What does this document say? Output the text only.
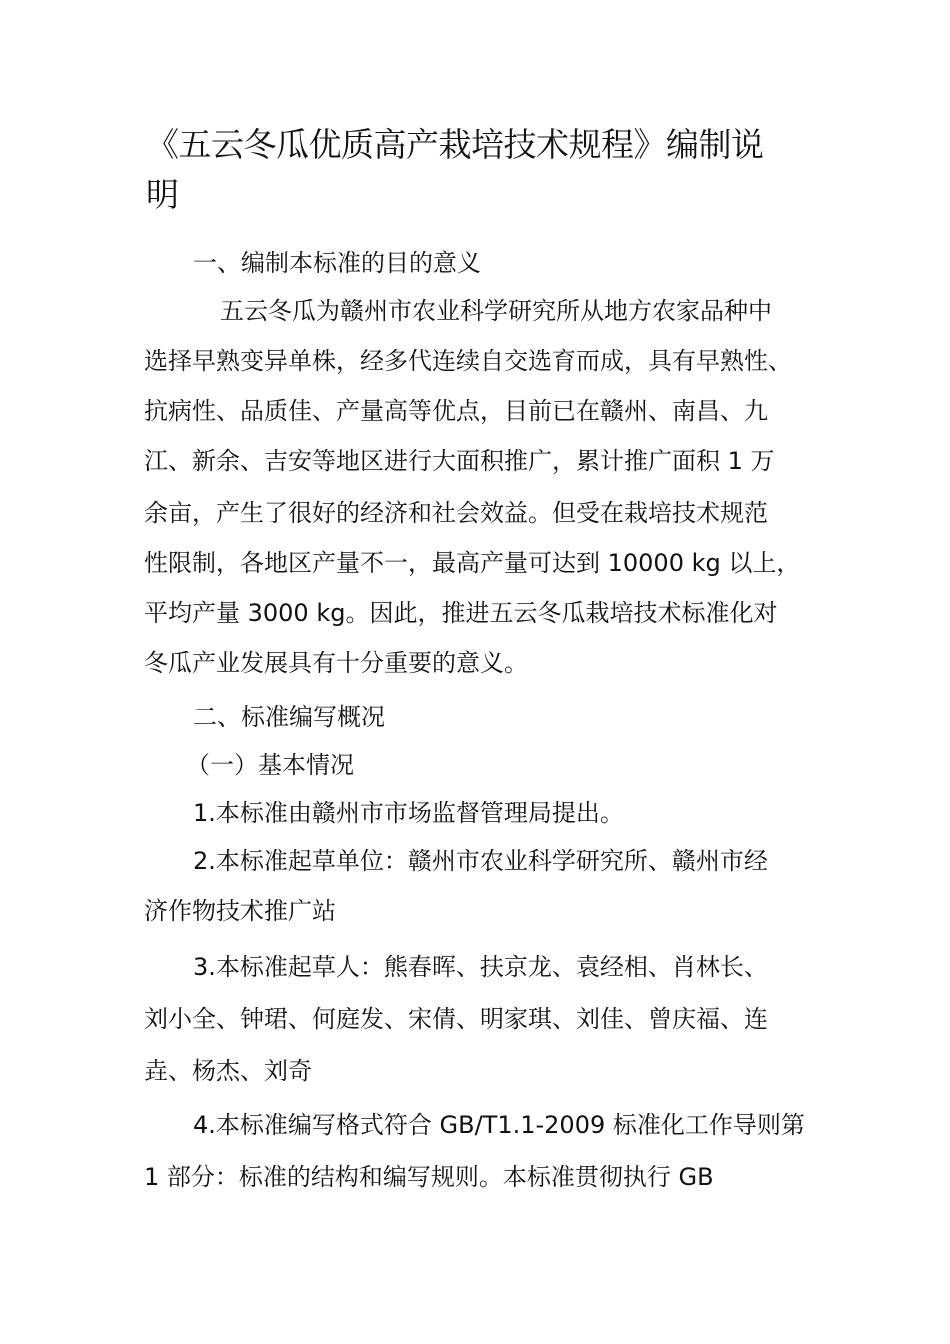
《五云冬瓜优质高产栽培技术规程》编制说
明
一、编制本标准的目的意义
五云冬瓜为赣州市农业科学研究所从地方农家品种中
选择早熟变异单株，经多代连续自交选育而成，具有早熟性、
抗病性、品质佳、产量高等优点，目前已在赣州、南昌、九
江、新余、吉安等地区进行大面积推广，累计推广面积 1 万
余亩，产生了很好的经济和社会效益。但受在栽培技术规范
性限制，各地区产量不一，最高产量可达到 10000 kg 以上，
平均产量 3000 kg。因此，推进五云冬瓜栽培技术标准化对
冬瓜产业发展具有十分重要的意义。
二、标准编写概况
（一）基本情况
1.本标准由赣州市市场监督管理局提出。
2.本标准起草单位：赣州市农业科学研究所、赣州市经
济作物技术推广站
3.本标准起草人：熊春晖、扶京龙、袁经相、肖林长、
刘小全、钟珺、何庭发、宋倩、明家琪、刘佳、曾庆福、连
垚、杨杰、刘奇
4.本标准编写格式符合 GB/T1.1-2009 标准化工作导则第
1 部分：标准的结构和编写规则。本标准贯彻执行 GB
